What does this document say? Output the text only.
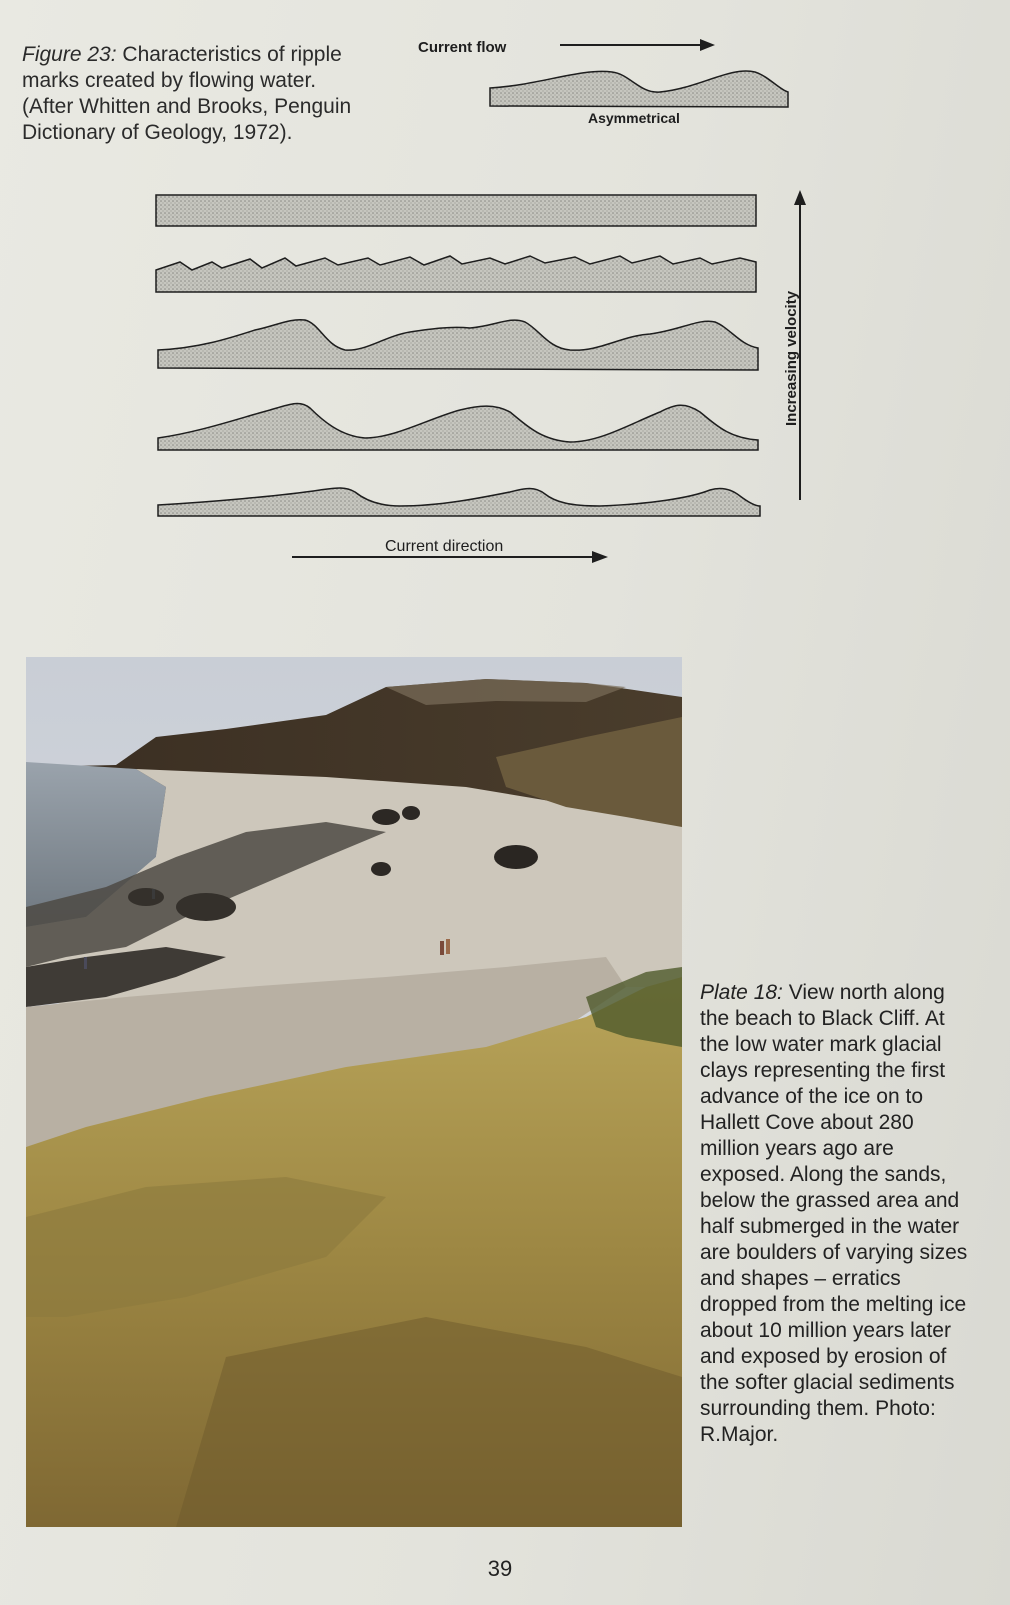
Figure 23: Characteristics of ripple marks created by flowing water. (After Whitten and Brooks, Penguin Dictionary of Geology, 1972).
Current flow
Asymmetrical
Increasing velocity
Current direction
Plate 18: View north along the beach to Black Cliff. At the low water mark glacial clays representing the first advance of the ice on to Hallett Cove about 280 million years ago are exposed. Along the sands, below the grassed area and half submerged in the water are boulders of varying sizes and shapes – erratics dropped from the melting ice about 10 million years later and exposed by erosion of the softer glacial sediments surrounding them. Photo: R.Major.
39
